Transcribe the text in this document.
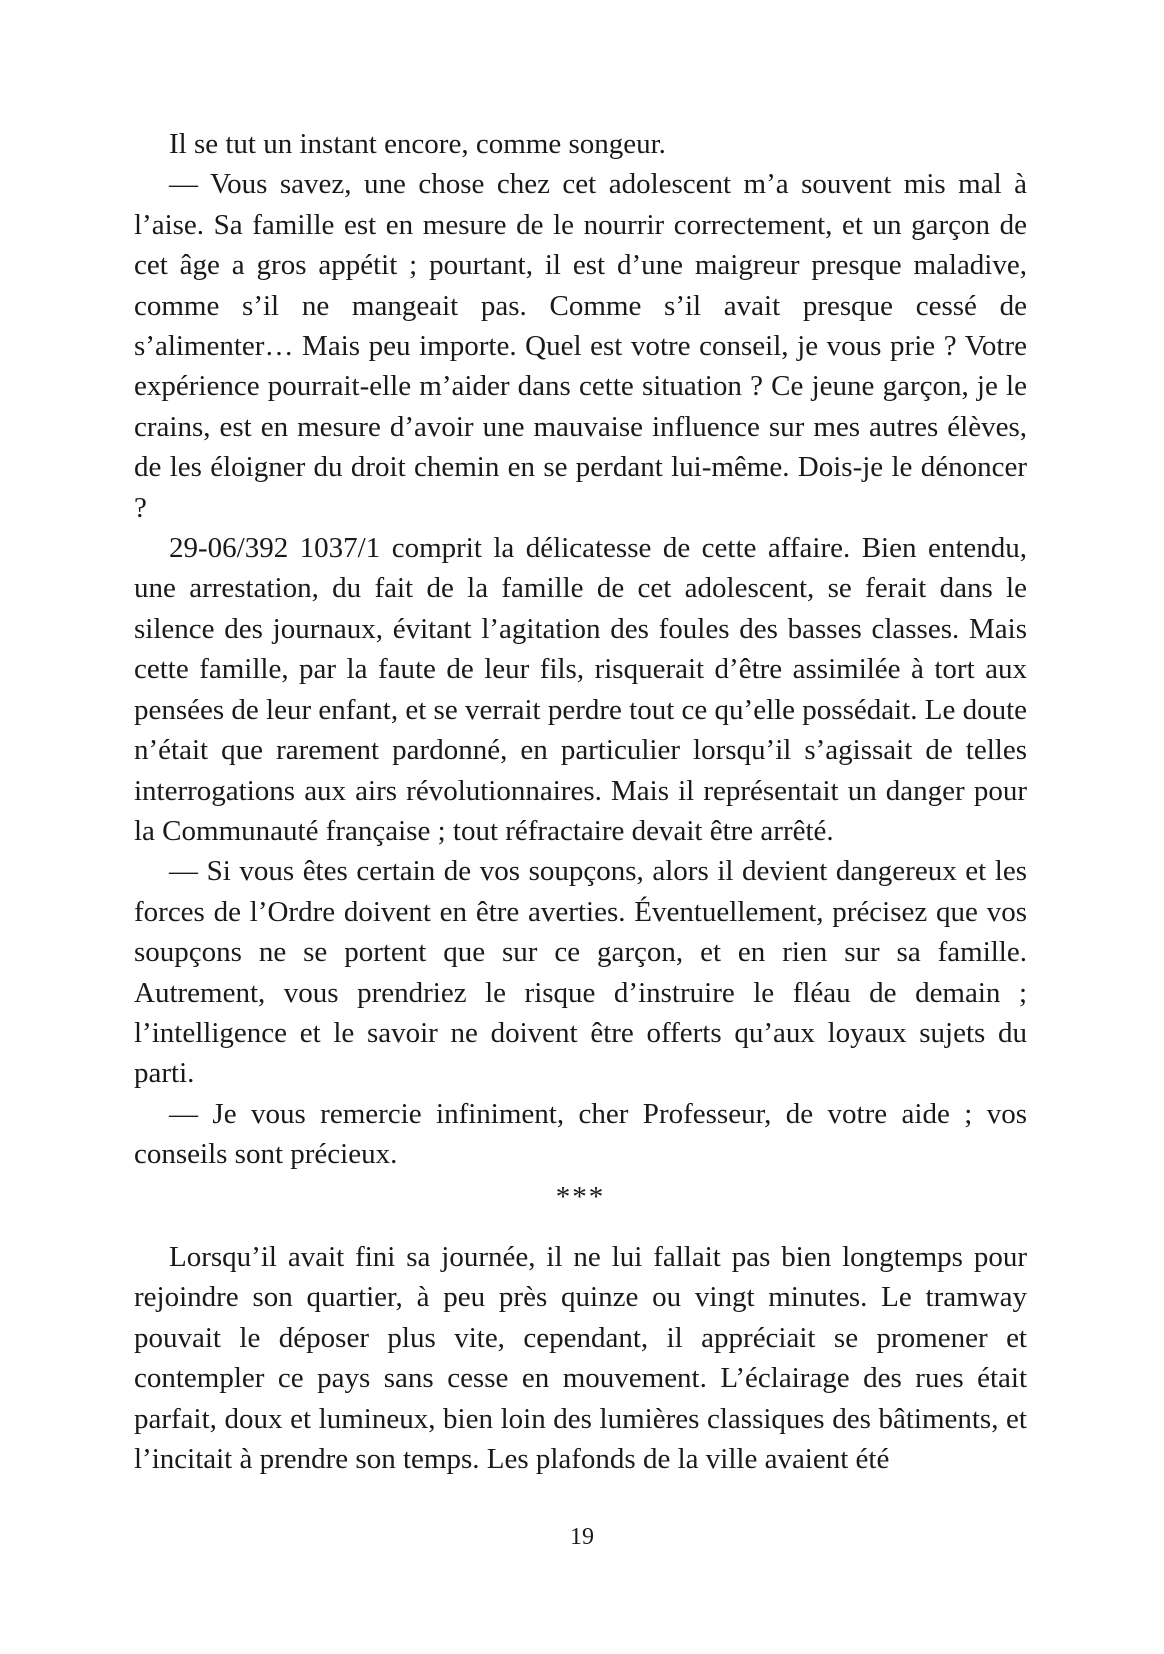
Il se tut un instant encore, comme songeur.

— Vous savez, une chose chez cet adolescent m’a souvent mis mal à l’aise. Sa famille est en mesure de le nourrir correctement, et un garçon de cet âge a gros appétit ; pourtant, il est d’une maigreur presque maladive, comme s’il ne mangeait pas. Comme s’il avait presque cessé de s’alimenter… Mais peu importe. Quel est votre conseil, je vous prie ? Votre expérience pourrait-elle m’aider dans cette situation ? Ce jeune garçon, je le crains, est en mesure d’avoir une mauvaise influence sur mes autres élèves, de les éloigner du droit chemin en se perdant lui-même. Dois-je le dénoncer ?

29-06/392 1037/1 comprit la délicatesse de cette affaire. Bien entendu, une arrestation, du fait de la famille de cet adolescent, se ferait dans le silence des journaux, évitant l’agitation des foules des basses classes. Mais cette famille, par la faute de leur fils, risquerait d’être assimilée à tort aux pensées de leur enfant, et se verrait perdre tout ce qu’elle possédait. Le doute n’était que rarement pardonné, en particulier lorsqu’il s’agissait de telles interrogations aux airs révolutionnaires. Mais il représentait un danger pour la Communauté française ; tout réfractaire devait être arrêté.

— Si vous êtes certain de vos soupçons, alors il devient dangereux et les forces de l’Ordre doivent en être averties. Éventuellement, précisez que vos soupçons ne se portent que sur ce garçon, et en rien sur sa famille. Autrement, vous prendriez le risque d’instruire le fléau de demain ; l’intelligence et le savoir ne doivent être offerts qu’aux loyaux sujets du parti.

— Je vous remercie infiniment, cher Professeur, de votre aide ; vos conseils sont précieux.

***

Lorsqu’il avait fini sa journée, il ne lui fallait pas bien longtemps pour rejoindre son quartier, à peu près quinze ou vingt minutes. Le tramway pouvait le déposer plus vite, cependant, il appréciait se promener et contempler ce pays sans cesse en mouvement. L’éclairage des rues était parfait, doux et lumineux, bien loin des lumières classiques des bâtiments, et l’incitait à prendre son temps. Les plafonds de la ville avaient été

19
